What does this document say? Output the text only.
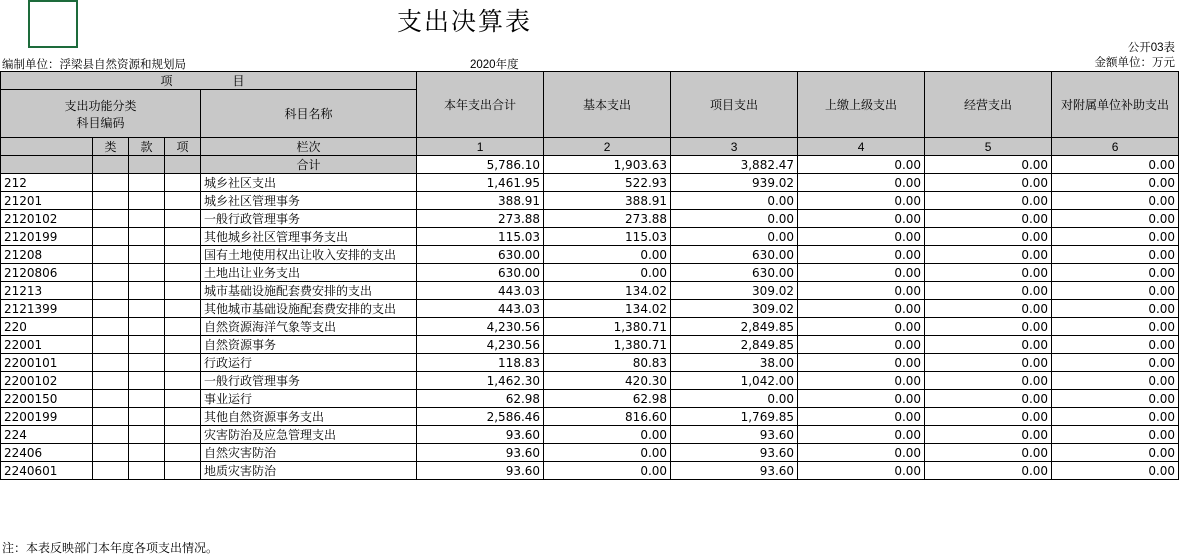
支出决算表
公开03表
金额单位：万元
编制单位：浮梁县自然资源和规划局	2020年度
项　　目					本年支出合计	基本支出	项目支出	上缴上级支出	经营支出	对附属单位补助支出

支出功能分类
科目编码				科目名称						
	类	款	项	栏次	1	2	3	4	5	6
				合计	5,786.10	1,903.63	3,882.47	0.00	0.00	0.00
212				城乡社区支出	1,461.95	522.93	939.02	0.00	0.00	0.00
21201				城乡社区管理事务	388.91	388.91	0.00	0.00	0.00	0.00
2120102				一般行政管理事务	273.88	273.88	0.00	0.00	0.00	0.00
2120199				其他城乡社区管理事务支出	115.03	115.03	0.00	0.00	0.00	0.00
21208				国有土地使用权出让收入安排的支出	630.00	0.00	630.00	0.00	0.00	0.00
2120806				土地出让业务支出	630.00	0.00	630.00	0.00	0.00	0.00
21213				城市基础设施配套费安排的支出	443.03	134.02	309.02	0.00	0.00	0.00
2121399				其他城市基础设施配套费安排的支出	443.03	134.02	309.02	0.00	0.00	0.00
220				自然资源海洋气象等支出	4,230.56	1,380.71	2,849.85	0.00	0.00	0.00
22001				自然资源事务	4,230.56	1,380.71	2,849.85	0.00	0.00	0.00
2200101				行政运行	118.83	80.83	38.00	0.00	0.00	0.00
2200102				一般行政管理事务	1,462.30	420.30	1,042.00	0.00	0.00	0.00
2200150				事业运行	62.98	62.98	0.00	0.00	0.00	0.00
2200199				其他自然资源事务支出	2,586.46	816.60	1,769.85	0.00	0.00	0.00
224				灾害防治及应急管理支出	93.60	0.00	93.60	0.00	0.00	0.00
22406				自然灾害防治	93.60	0.00	93.60	0.00	0.00	0.00
2240601				地质灾害防治	93.60	0.00	93.60	0.00	0.00	0.00
注：本表反映部门本年度各项支出情况。
